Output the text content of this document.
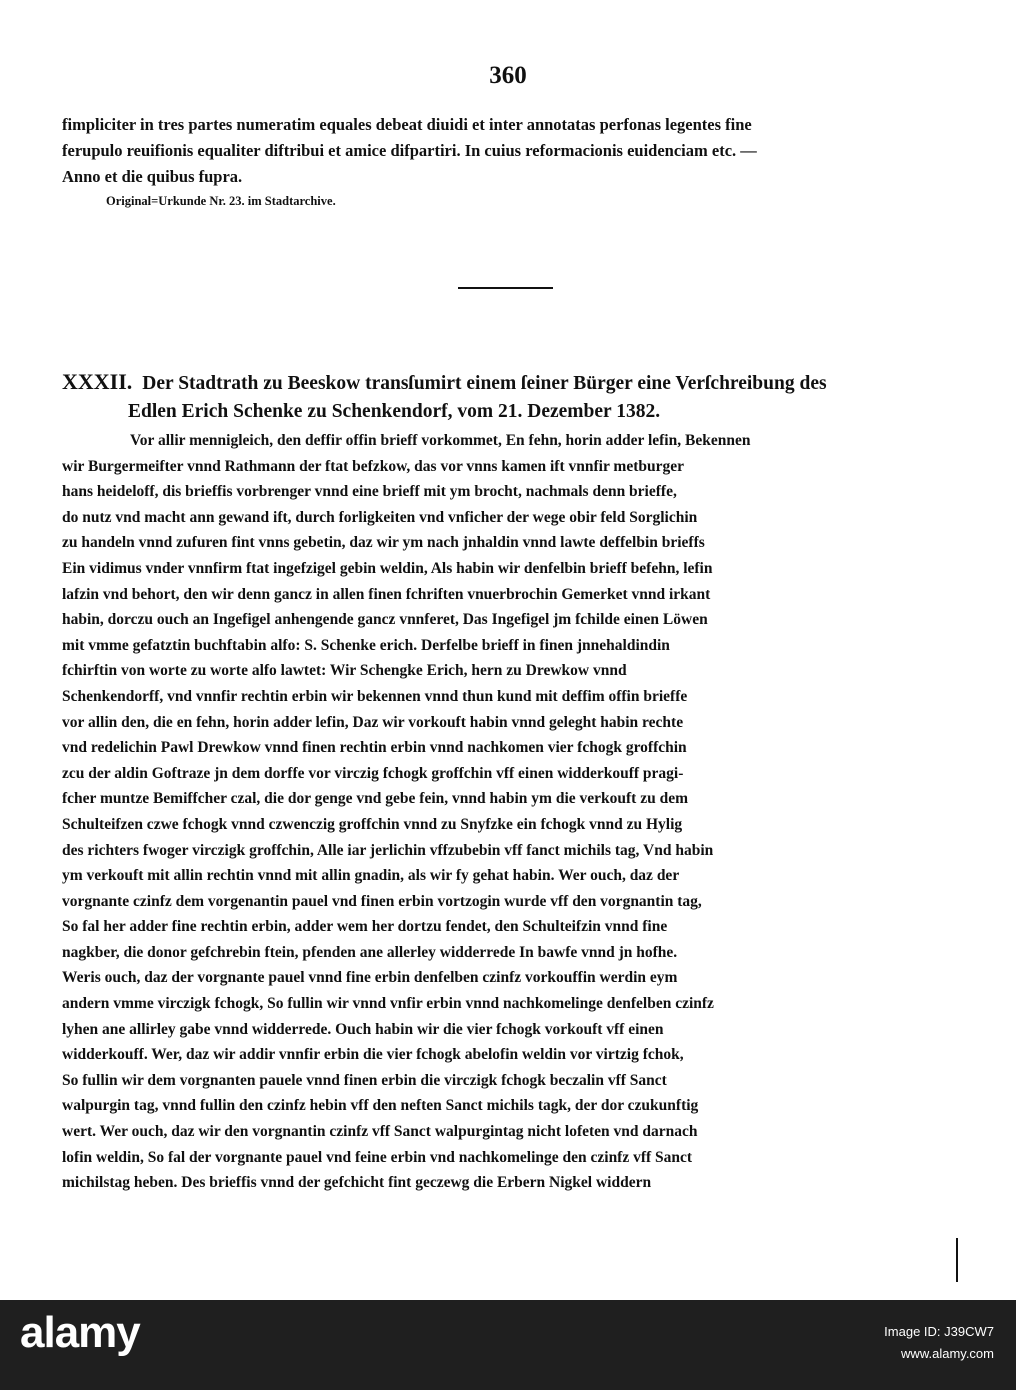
360
fimpliciter in tres partes numeratim equales debeat diuidi et inter annotatas perfonas legentes fine
ferupulo reuifionis equaliter diftribui et amice difpartiri. In cuius reformacionis euidenciam etc. —
Anno et die quibus fupra.
Original=Urkunde Nr. 23. im Stadtarchive.
XXXII. Der Stadtrath zu Beeskow transſumirt einem ſeiner Bürger eine Verſchreibung des
Edlen Erich Schenke zu Schenkendorf, vom 21. Dezember 1382.
Vor allir mennigleich, den deffir offin brieff vorkommet, En fehn, horin adder lefin, Bekennen
wir Burgermeifter vnnd Rathmann der ftat befzkow, das vor vnns kamen ift vnnfir metburger
hans heideloff, dis brieffis vorbrenger vnnd eine brieff mit ym brocht, nachmals denn brieffe,
do nutz vnd macht ann gewand ift, durch forligkeiten vnd vnficher der wege obir feld Sorglichin
zu handeln vnnd zufuren fint vnns gebetin, daz wir ym nach jnhaldin vnnd lawte deffelbin brieffs
Ein vidimus vnder vnnfirm ftat ingefzigel gebin weldin, Als habin wir denfelbin brieff befehn, lefin
lafzin vnd behort, den wir denn gancz in allen finen fchriften vnuerbrochin Gemerket vnnd irkant
habin, dorczu ouch an Ingefigel anhengende gancz vnnferet, Das Ingefigel jm fchilde einen Löwen
mit vmme gefatztin buchftabin alfo: S. Schenke erich. Derfelbe brieff in finen jnnehaldindin
fchirftin von worte zu worte alfo lawtet: Wir Schengke Erich, hern zu Drewkow vnnd
Schenkendorff, vnd vnnfir rechtin erbin wir bekennen vnnd thun kund mit deffim offin brieffe
vor allin den, die en fehn, horin adder lefin, Daz wir vorkouft habin vnnd geleght habin rechte
vnd redelichin Pawl Drewkow vnnd finen rechtin erbin vnnd nachkomen vier fchogk groffchin
zcu der aldin Goftraze jn dem dorffe vor virczig fchogk groffchin vff einen widderkouff pragi-
fcher muntze Bemiffcher czal, die dor genge vnd gebe fein, vnnd habin ym die verkouft zu dem
Schulteifzen czwe fchogk vnnd czwenczig groffchin vnnd zu Snyfzke ein fchogk vnnd zu Hylig
des richters fwoger virczigk groffchin, Alle iar jerlichin vffzubebin vff fanct michils tag, Vnd habin
ym verkouft mit allin rechtin vnnd mit allin gnadin, als wir fy gehat habin. Wer ouch, daz der
vorgnante czinfz dem vorgenantin pauel vnd finen erbin vortzogin wurde vff den vorgnantin tag,
So fal her adder fine rechtin erbin, adder wem her dortzu fendet, den Schulteifzin vnnd fine
nagkber, die donor gefchrebin ftein, pfenden ane allerley widderrede In bawfe vnnd jn hofhe.
Weris ouch, daz der vorgnante pauel vnnd fine erbin denfelben czinfz vorkouffin werdin eym
andern vmme virczigk fchogk, So fullin wir vnnd vnfir erbin vnnd nachkomelinge denfelben czinfz
lyhen ane allirley gabe vnnd widderrede. Ouch habin wir die vier fchogk vorkouft vff einen
widderkouff. Wer, daz wir addir vnnfir erbin die vier fchogk abelofin weldin vor virtzig fchok,
So fullin wir dem vorgnanten pauele vnnd finen erbin die virczigk fchogk beczalin vff Sanct
walpurgin tag, vnnd fullin den czinfz hebin vff den neften Sanct michils tagk, der dor czukunftig
wert. Wer ouch, daz wir den vorgnantin czinfz vff Sanct walpurgintag nicht lofeten vnd darnach
lofin weldin, So fal der vorgnante pauel vnd feine erbin vnd nachkomelinge den czinfz vff Sanct
michilstag heben. Des brieffis vnnd der gefchicht fint geczewg die Erbern Nigkel widdern
alamy	Image ID: J39CW7
www.alamy.com
